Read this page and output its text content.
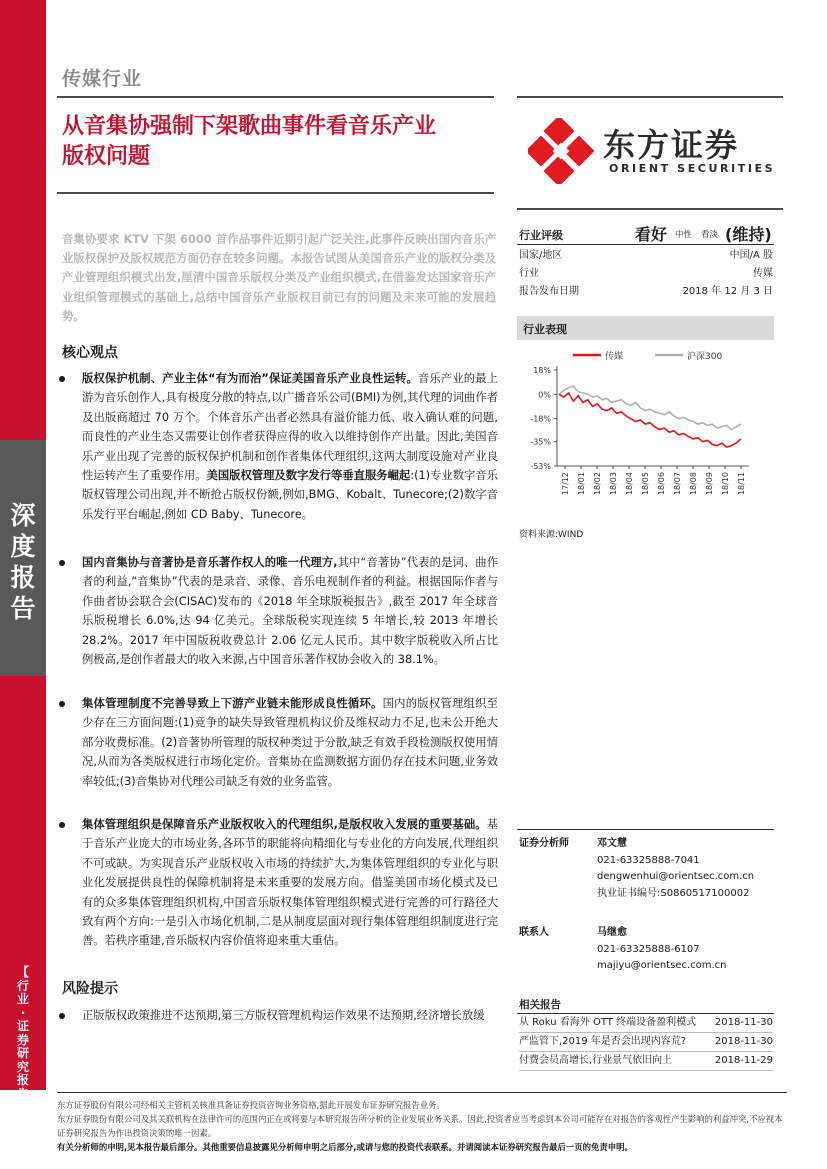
深
度
报
告
【
行
业
·
证
券
研
究
报
告
】
传媒行业
从音集协强制下架歌曲事件看音乐产业
版权问题	东方证券
ORIENT SECURITIES
音集协要求 KTV 下架 6000 首作品事件近期引起广泛关注,此事件反映出国内音乐产业版权保护及版权规范方面仍存在较多问题。本报告试图从美国音乐产业的版权分类及产业管理组织模式出发,厘清中国音乐版权分类及产业组织模式,在借鉴发达国家音乐产业组织管理模式的基础上,总结中国音乐产业版权目前已有的问题及未来可能的发展趋势。
核心观点
版权保护机制、产业主体“有为而治”保证美国音乐产业良性运转。音乐产业的最上游为音乐创作人,具有极度分散的特点,以广播音乐公司(BMI)为例,其代理的词曲作者及出版商超过 70 万个。个体音乐产出者必然具有溢价能力低、收入确认难的问题,而良性的产业生态又需要让创作者获得应得的收入以维持创作产出量。因此,美国音乐产业出现了完善的版权保护机制和创作者集体代理组织,这两大制度设施对产业良性运转产生了重要作用。美国版权管理及数字发行等垂直服务崛起:(1)专业数字音乐版权管理公司出现,并不断抢占版权份额,例如,BMG、Kobalt、Tunecore;(2)数字音乐发行平台崛起,例如 CD Baby、Tunecore。
国内音集协与音著协是音乐著作权人的唯一代理方,其中“音著协”代表的是词、曲作者的利益,“音集协”代表的是录音、录像、音乐电视制作者的利益。根据国际作者与作曲者协会联合会(CISAC)发布的《2018 年全球版税报告》,截至 2017 年全球音乐版税增长 6.0%,达 94 亿美元。全球版税实现连续 5 年增长,较 2013 年增长 28.2%。2017 年中国版税收费总计 2.06 亿元人民币。其中数字版税收入所占比例极高,是创作者最大的收入来源,占中国音乐著作权协会收入的 38.1%。
集体管理制度不完善导致上下游产业链未能形成良性循环。国内的版权管理组织至少存在三方面问题:(1)竞争的缺失导致管理机构议价及维权动力不足,也未公开绝大部分收费标准。(2)音著协所管理的版权种类过于分散,缺乏有效手段检测版权使用情况,从而为各类版权进行市场化定价。音集协在监测数据方面仍存在技术问题,业务效率较低;(3)音集协对代理公司缺乏有效的业务监管。
集体管理组织是保障音乐产业版权收入的代理组织,是版权收入发展的重要基础。基于音乐产业庞大的市场业务,各环节的职能将向精细化与专业化的方向发展,代理组织不可或缺。为实现音乐产业版权收入市场的持续扩大,为集体管理组织的专业化与职业化发展提供良性的保障机制将是未来重要的发展方向。借鉴美国市场化模式及已有的众多集体管理组织机构,中国音乐版权集体管理组织模式进行完善的可行路径大致有两个方向:一是引入市场化机制,二是从制度层面对现行集体管理组织制度进行完善。若秩序重建,音乐版权内容价值将迎来重大重估。
风险提示
正版版权政策推进不达预期,第三方版权管理机构运作效果不达预期,经济增长放缓
行业评级	看好 中性 看淡 (维持)
国家/地区	中国/A 股
行业	传媒
报告发布日期	2018 年 12 月 3 日
行业表现
传媒	沪深300
18%
0%
-18%
-35%
-53%
17/12 18/01 18/02 18/03 18/04 18/05 18/06 18/07 18/08 18/09 18/10 18/11
资料来源:WIND
证券分析师	邓文慧
021-63325888-7041
dengwenhui@orientsec.com.cn
执业证书编号:S0860517100002
联系人	马继愈
021-63325888-6107
majiyu@orientsec.com.cn
相关报告
从 Roku 看海外 OTT 终端设备盈利模式 2018-11-30
严监管下,2019 年是否会出现内容荒?	2018-11-30
付费会员高增长,行业景气依旧向上	2018-11-29
东方证券股份有限公司经相关主管机关核准具备证券投资咨询业务资格,据此开展发布证券研究报告业务。
东方证券股份有限公司及其关联机构在法律许可的范围内正在或将要与本研究报告所分析的企业发展业务关系。因此,投资者应当考虑到本公司可能存在对报告的客观性产生影响的利益冲突,不应视本证券研究报告为作出投资决策的唯一因素。
有关分析师的申明,见本报告最后部分。其他重要信息披露见分析师申明之后部分,或请与您的投资代表联系。并请阅读本证券研究报告最后一页的免责申明。
